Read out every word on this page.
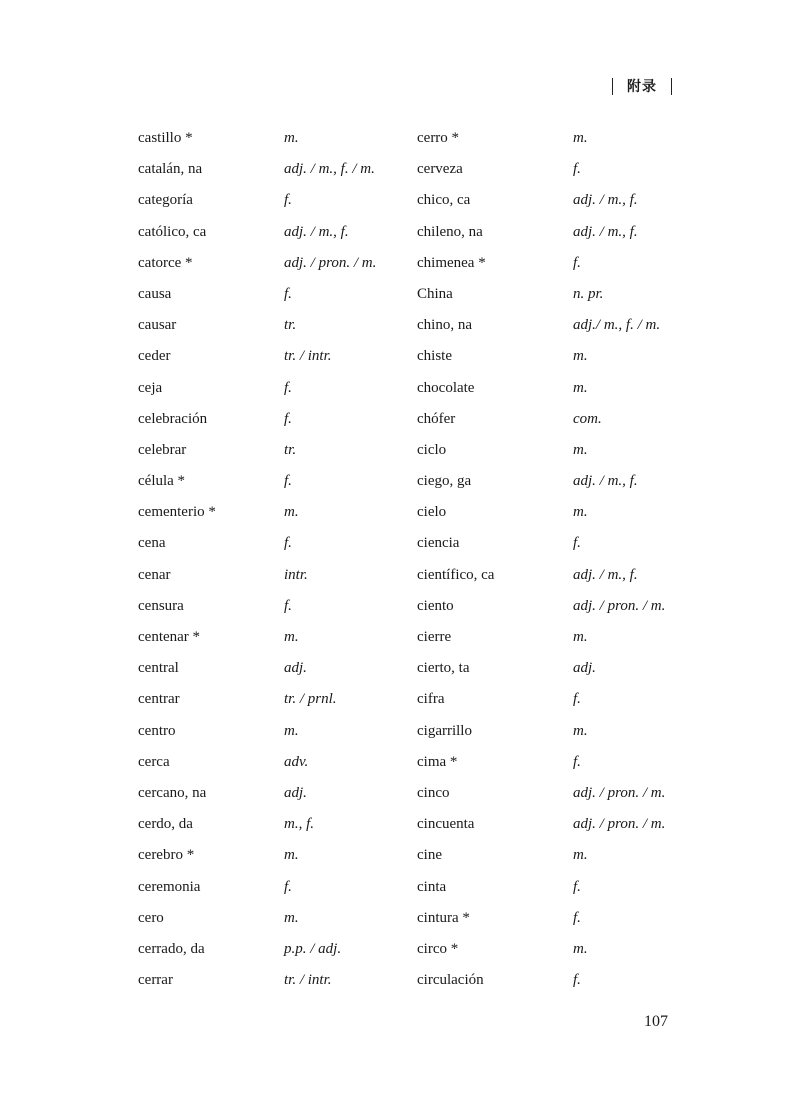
附录
castillo *	m.	cerro *	m.
catalán, na	adj. / m., f. / m.	cerveza	f.
categoría	f.	chico, ca	adj. / m., f.
católico, ca	adj. / m., f.	chileno, na	adj. / m., f.
catorce *	adj. / pron. / m.	chimenea *	f.
causa	f.	China	n. pr.
causar	tr.	chino, na	adj./ m., f. / m.
ceder	tr. / intr.	chiste	m.
ceja	f.	chocolate	m.
celebración	f.	chófer	com.
celebrar	tr.	ciclo	m.
célula *	f.	ciego, ga	adj. / m., f.
cementerio *	m.	cielo	m.
cena	f.	ciencia	f.
cenar	intr.	científico, ca	adj. / m., f.
censura	f.	ciento	adj. / pron. / m.
centenar *	m.	cierre	m.
central	adj.	cierto, ta	adj.
centrar	tr. / prnl.	cifra	f.
centro	m.	cigarrillo	m.
cerca	adv.	cima *	f.
cercano, na	adj.	cinco	adj. / pron. / m.
cerdo, da	m., f.	cincuenta	adj. / pron. / m.
cerebro *	m.	cine	m.
ceremonia	f.	cinta	f.
cero	m.	cintura *	f.
cerrado, da	p.p. / adj.	circo *	m.
cerrar	tr. / intr.	circulación	f.
107
